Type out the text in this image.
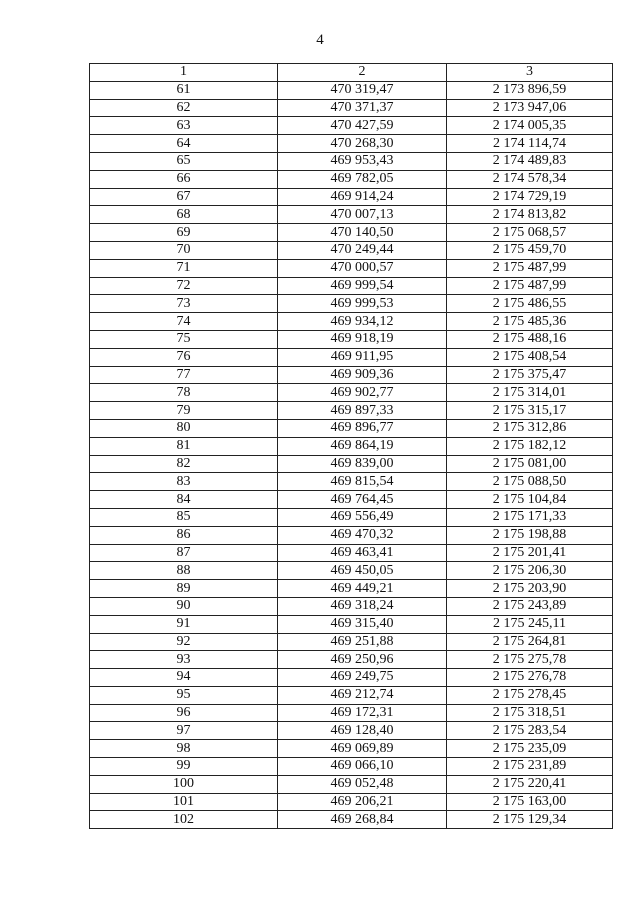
4
1	2	3
61	470 319,47	2 173 896,59
62	470 371,37	2 173 947,06
63	470 427,59	2 174 005,35
64	470 268,30	2 174 114,74
65	469 953,43	2 174 489,83
66	469 782,05	2 174 578,34
67	469 914,24	2 174 729,19
68	470 007,13	2 174 813,82
69	470 140,50	2 175 068,57
70	470 249,44	2 175 459,70
71	470 000,57	2 175 487,99
72	469 999,54	2 175 487,99
73	469 999,53	2 175 486,55
74	469 934,12	2 175 485,36
75	469 918,19	2 175 488,16
76	469 911,95	2 175 408,54
77	469 909,36	2 175 375,47
78	469 902,77	2 175 314,01
79	469 897,33	2 175 315,17
80	469 896,77	2 175 312,86
81	469 864,19	2 175 182,12
82	469 839,00	2 175 081,00
83	469 815,54	2 175 088,50
84	469 764,45	2 175 104,84
85	469 556,49	2 175 171,33
86	469 470,32	2 175 198,88
87	469 463,41	2 175 201,41
88	469 450,05	2 175 206,30
89	469 449,21	2 175 203,90
90	469 318,24	2 175 243,89
91	469 315,40	2 175 245,11
92	469 251,88	2 175 264,81
93	469 250,96	2 175 275,78
94	469 249,75	2 175 276,78
95	469 212,74	2 175 278,45
96	469 172,31	2 175 318,51
97	469 128,40	2 175 283,54
98	469 069,89	2 175 235,09
99	469 066,10	2 175 231,89
100	469 052,48	2 175 220,41
101	469 206,21	2 175 163,00
102	469 268,84	2 175 129,34
